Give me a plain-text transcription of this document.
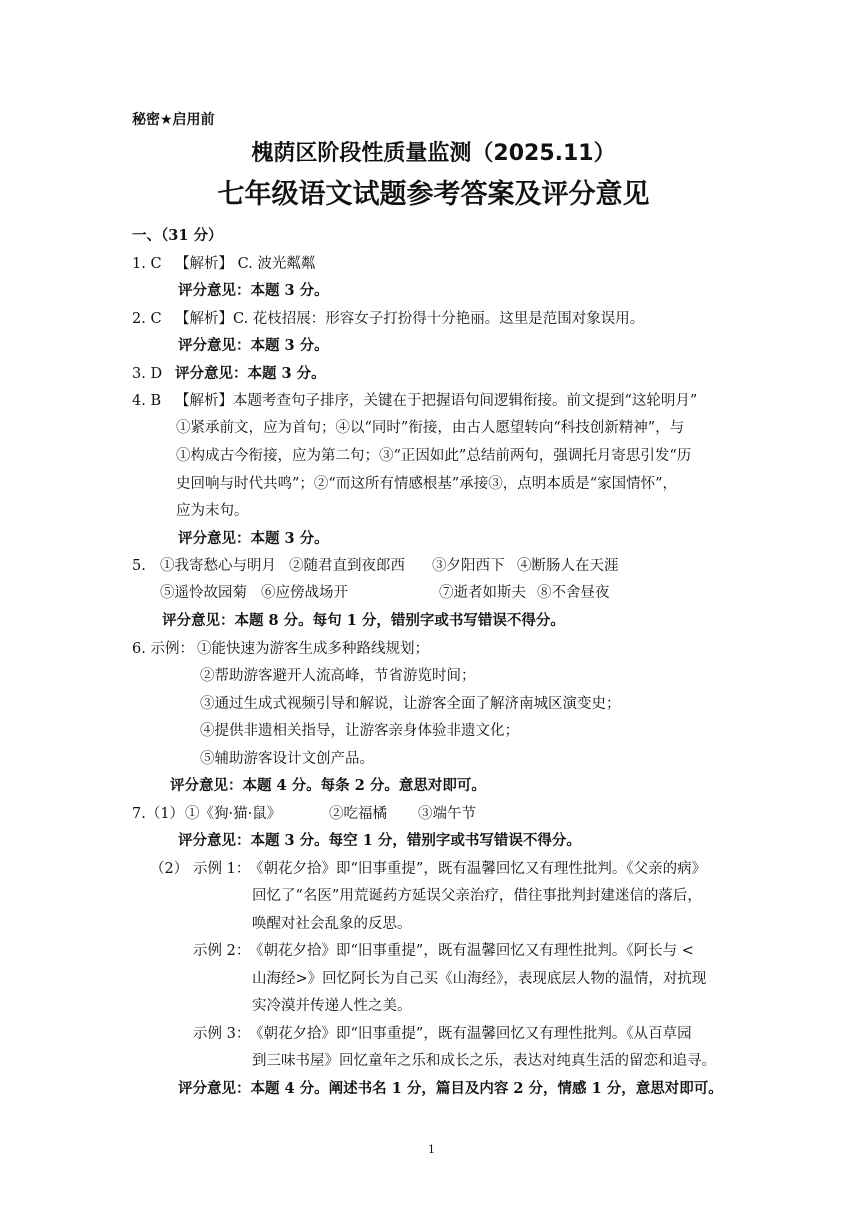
秘密★启用前
槐荫区阶段性质量监测（2025.11）
七年级语文试题参考答案及评分意见
一、（31 分）
1. C 【解析】 C. 波光粼粼
评分意见：本题 3 分。
2. C 【解析】C. 花枝招展：形容女子打扮得十分艳丽。这里是范围对象误用。
评分意见：本题 3 分。
3. D 评分意见：本题 3 分。
4. B 【解析】本题考查句子排序，关键在于把握语句间逻辑衔接。前文提到“这轮明月”
①紧承前文，应为首句；④以“同时”衔接，由古人愿望转向“科技创新精神”，与
①构成古今衔接，应为第二句；③“正因如此”总结前两句，强调托月寄思引发“历
史回响与时代共鸣”；②“而这所有情感根基”承接③，点明本质是“家国情怀”，
应为末句。
评分意见：本题 3 分。
5. ①我寄愁心与明月 ②随君直到夜郎西 ③夕阳西下 ④断肠人在天涯
⑤遥怜故园菊 ⑥应傍战场开	⑦逝者如斯夫 ⑧不舍昼夜
评分意见：本题 8 分。每句 1 分，错别字或书写错误不得分。
6. 示例： ①能快速为游客生成多种路线规划；
②帮助游客避开人流高峰，节省游览时间；
③通过生成式视频引导和解说，让游客全面了解济南城区演变史；
④提供非遗相关指导，让游客亲身体验非遗文化；
⑤辅助游客设计文创产品。
评分意见：本题 4 分。每条 2 分。意思对即可。
7.（1） ①《狗·猫·鼠》	②吃福橘 ③端午节
评分意见：本题 3 分。每空 1 分，错别字或书写错误不得分。
（2） 示例 1：
《朝花夕拾》即“旧事重提”，既有温馨回忆又有理性批判。《父亲的病》
回忆了“名医”用荒诞药方延误父亲治疗，借往事批判封建迷信的落后，
唤醒对社会乱象的反思。
示例 2：
《朝花夕拾》即“旧事重提”，既有温馨回忆又有理性批判。《阿长与 <
山海经>》回忆阿长为自己买《山海经》，表现底层人物的温情，对抗现
实冷漠并传递人性之美。
示例 3：
《朝花夕拾》即“旧事重提”，既有温馨回忆又有理性批判。《从百草园
到三味书屋》回忆童年之乐和成长之乐，表达对纯真生活的留恋和追寻。
评分意见：本题 4 分。阐述书名 1 分，篇目及内容 2 分，情感 1 分，意思对即可。
1
